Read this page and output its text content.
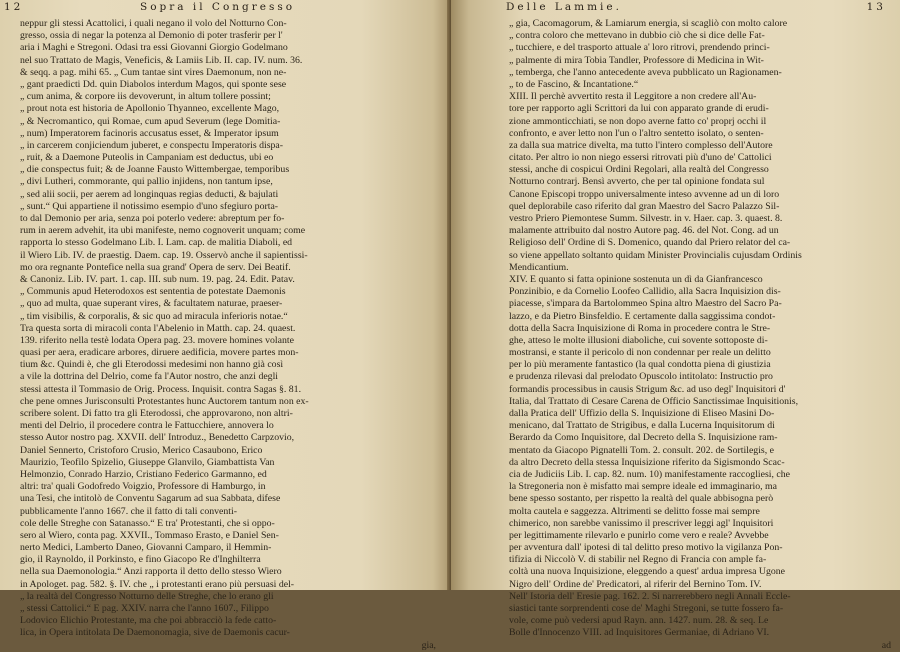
12	Sopra il Congresso
neppur gli stessi Acattolici, i quali negano il volo del Notturno Con-
gresso, ossia di negar la potenza al Demonio di poter trasferir per l'
aria i Maghi e Stregoni. Odasi tra essi Giovanni Giorgio Godelmano
nel suo Trattato de Magis, Veneficis, & Lamiis Lib. II. cap. IV. num. 36.
& seqq. a pag. mihi 65. „ Cum tantae sint vires Daemonum, non ne-
„ gant praedicti Dd. quin Diabolos interdum Magos, qui sponte sese
„ cum anima, & corpore iis devoverunt, in altum tollere possint;
„ prout nota est historia de Apollonio Thyanneo, excellente Mago,
„ & Necromantico, qui Romae, cum apud Severum (lege Domitia-
„ num) Imperatorem facinoris accusatus esset, & Imperator ipsum
„ in carcerem conjiciendum juberet, e conspectu Imperatoris dispa-
„ ruit, & a Daemone Puteolis in Campaniam est deductus, ubi eo
„ die conspectus fuit; & de Joanne Fausto Wittembergae, temporibus
„ divi Lutheri, commorante, qui pallio injidens, non tantum ipse,
„ sed alii socii, per aerem ad longinquas regias deducti, & bajulati
„ sunt.“ Qui appartiene il notissimo esempio d'uno sfegiuro porta-
to dal Demonio per aria, senza poi poterlo vedere: abreptum per fo-
rum in aerem advehit, ita ubi manifeste, nemo cognoverit unquam; come
rapporta lo stesso Godelmano Lib. I. Lam. cap. de malitia Diaboli, ed
il Wiero Lib. IV. de praestig. Daem. cap. 19. Osservò anche il sapientissi-
mo ora regnante Pontefice nella sua grand' Opera de serv. Dei Beatif.
& Canoniz. Lib. IV. part. 1. cap. III. sub num. 19. pag. 24. Edit. Patav.
„ Communis apud Heterodoxos est sententia de potestate Daemonis
„ quo ad multa, quae superant vires, & facultatem naturae, praeser-
„ tim visibilis, & corporalis, & sic quo ad miracula inferioris notae.“
Tra questa sorta di miracoli conta l'Abelenio in Matth. cap. 24. quaest.
139. riferito nella testè lodata Opera pag. 23. movere homines volante
quasi per aera, eradicare arbores, diruere aedificia, movere partes mon-
tium &c. Quindi è, che gli Eterodossi medesimi non hanno già così
a vile la dottrina del Delrio, come fa l'Autor nostro, che anzi degli
stessi attesta il Tommasio de Orig. Process. Inquisit. contra Sagas §. 81.
che pene omnes Jurisconsulti Protestantes hunc Auctorem tantum non ex-
scribere solent. Di fatto tra gli Eterodossi, che approvarono, non altri-
menti del Delrio, il procedere contra le Fattucchiere, annovera lo
stesso Autor nostro pag. XXVII. dell' Introduz., Benedetto Carpzovio,
Daniel Sennerto, Cristoforo Crusio, Merico Casaubono, Erico
Maurizio, Teofilo Spizelio, Giuseppe Glanvilo, Giambattista Van
Helmonzio, Conrado Harzio, Cristiano Federico Garmanno, ed
altri: tra' quali Godofredo Voigzio, Professore di Hamburgo, in
una Tesi, che intitolò de Conventu Sagarum ad sua Sabbata, difese
pubblicamente l'anno 1667. che il fatto di tali conventi-
cole delle Streghe con Satanasso.“ E tra' Protestanti, che si oppo-
sero al Wiero, conta pag. XXVII., Tommaso Erasto, e Daniel Sen-
nerto Medici, Lamberto Daneo, Giovanni Camparo, il Hemmin-
gio, il Raynoldo, il Porkinsto, e fino Giacopo Re d'Inghilterra
nella sua Daemonologia.“ Anzi rapporta il detto dello stesso Wiero
in Apologet. pag. 582. §. IV. che „ i protestanti erano più persuasi del-
„ la realtà del Congresso Notturno delle Streghe, che lo erano gli
„ stessi Cattolici.“ E pag. XXIV. narra che l'anno 1607., Filippo
Lodovico Elichio Protestante, ma che poi abbracciò la fede catto-
lica, in Opera intitolata De Daemonomagia, sive de Daemonis cacur-
gia,
Delle Lammie.	13
„ gia, Cacomagorum, & Lamiarum energia, si scagliò con molto calore
„ contra coloro che mettevano in dubbio ciò che si dice delle Fat-
„ tucchiere, e del trasporto attuale a' loro ritrovi, prendendo princi-
„ palmente di mira Tobia Tandler, Professore di Medicina in Wit-
„ temberga, che l'anno antecedente aveva pubblicato un Ragionamen-
„ to de Fascino, & Incantatione.“
XIII. Il perchè avvertito resta il Leggitore a non credere all'Au-
tore per rapporto agli Scrittori da lui con apparato grande di erudi-
zione ammonticchiati, se non dopo averne fatto co' proprj occhi il
confronto, e aver letto non l'un o l'altro sentetto isolato, o senten-
za dalla sua matrice divelta, ma tutto l'intero complesso dell'Autore
citato. Per altro io non niego essersi ritrovati più d'uno de' Cattolici
stessi, anche di cospicui Ordini Regolari, alla realtà del Congresso
Notturno contrarj. Bensì avverto, che per tal opinione fondata sul
Canone Episcopi troppo universalmente inteso avvenne ad un di loro
quel deplorabile caso riferito dal gran Maestro del Sacro Palazzo Sil-
vestro Priero Piemontese Summ. Silvestr. in v. Haer. cap. 3. quaest. 8.
malamente attribuito dal nostro Autore pag. 46. del Not. Cong. ad un
Religioso dell' Ordine di S. Domenico, quando dal Priero relator del ca-
so viene appellato soltanto quidam Minister Provincialis cujusdam Ordinis
Mendicantium.
XIV. E quanto si fatta opinione sostenuta un dì da Gianfrancesco
Ponzinibio, e da Cornelio Loofeo Callidio, alla Sacra Inquisizion dis-
piacesse, s'impara da Bartolommeo Spina altro Maestro del Sacro Pa-
lazzo, e da Pietro Binsfeldio. E certamente dalla saggissima condot-
dotta della Sacra Inquisizione di Roma in procedere contra le Stre-
ghe, atteso le molte illusioni diaboliche, cui sovente sottoposte di-
mostransi, e stante il pericolo di non condennar per reale un delitto
per lo più meramente fantastico (la qual condotta piena di giustizia
e prudenza rilevasi dal prelodato Opuscolo intitolato: Instructio pro
formandis processibus in causis Strigum &c. ad uso degl' Inquisitori d'
Italia, dal Trattato di Cesare Carena de Officio Sanctissimae Inquisitionis,
dalla Pratica dell' Uffizio della S. Inquisizione di Eliseo Masini Do-
menicano, dal Trattato de Strigibus, e dalla Lucerna Inquisitorum di
Berardo da Como Inquisitore, dal Decreto della S. Inquisizione ram-
mentato da Giacopo Pignatelli Tom. 2. consult. 202. de Sortilegis, e
da altro Decreto della stessa Inquisizione riferito da Sigismondo Scac-
cia de Judiciis Lib. I. cap. 82. num. 10) manifestamente raccogliesi, che
la Stregoneria non è misfatto mai sempre ideale ed immaginario, ma
bene spesso sostanto, per rispetto la realtà del quale abbisogna però
molta cautela e saggezza. Altrimenti se delitto fosse mai sempre
chimerico, non sarebbe vanissimo il prescriver leggi agl' Inquisitori
per legittimamente rilevarlo e punirlo come vero e reale? Avvebbe
per avventura dall' ipotesi di tal delitto preso motivo la vigilanza Pon-
tifizia di Niccolò V. di stabilir nel Regno di Francia con ample fa-
coltà una nuova Inquisizione, eleggendo a quest' ardua impresa Ugone
Nigro dell' Ordine de' Predicatori, al riferir del Bernino Tom. IV.
Nell' Istoria dell' Eresie pag. 162. 2. Si narrerebbero negli Annali Eccle-
siastici tante sorprendenti cose de' Maghi Stregoni, se tutte fossero fa-
vole, come può vedersi apud Rayn. ann. 1427. num. 28. & seq. Le
Bolle d'Innocenzo VIII. ad Inquisitores Germaniae, di Adriano VI.
ad
